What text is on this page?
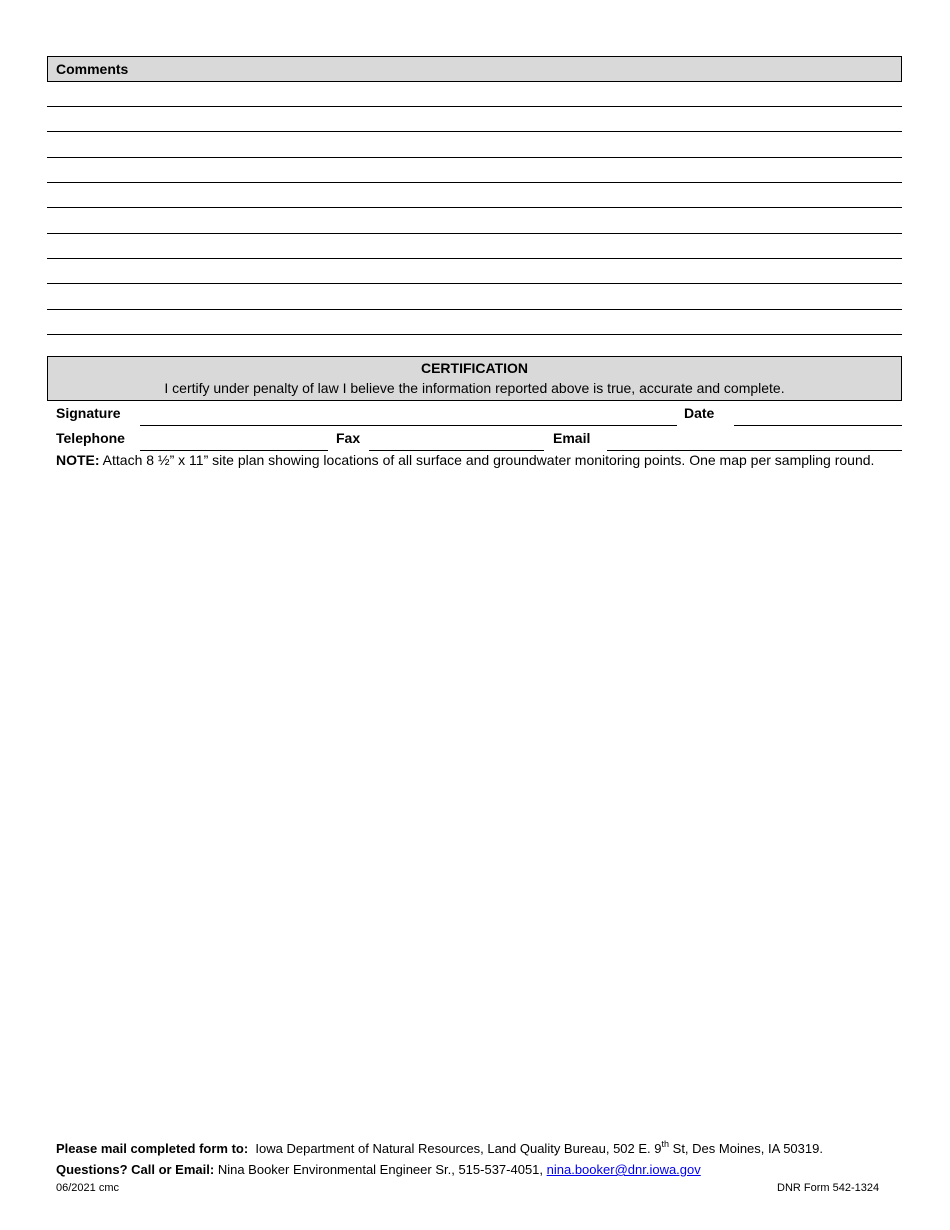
Comments
CERTIFICATION
I certify under penalty of law I believe the information reported above is true, accurate and complete.
Signature	Date
Telephone	Fax	Email
NOTE: Attach 8 ½” x 11” site plan showing locations of all surface and groundwater monitoring points. One map per sampling round.
Please mail completed form to:  Iowa Department of Natural Resources, Land Quality Bureau, 502 E. 9th St, Des Moines, IA 50319.
Questions? Call or Email: Nina Booker Environmental Engineer Sr., 515-537-4051, nina.booker@dnr.iowa.gov
06/2021 cmc	DNR Form 542-1324
